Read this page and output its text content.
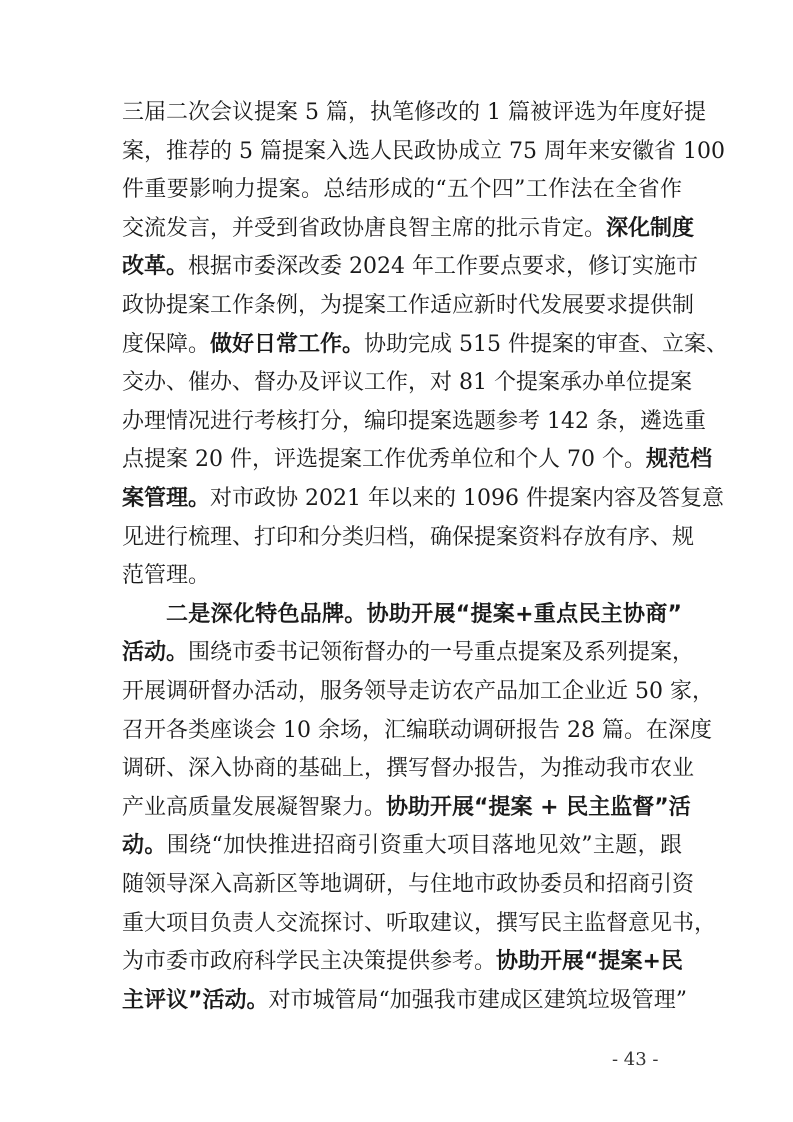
三届二次会议提案 5 篇，执笔修改的 1 篇被评选为年度好提
案，推荐的 5 篇提案入选人民政协成立 75 周年来安徽省 100
件重要影响力提案。总结形成的“五个四”工作法在全省作
交流发言，并受到省政协唐良智主席的批示肯定。深化制度
改革。根据市委深改委 2024 年工作要点要求，修订实施市
政协提案工作条例，为提案工作适应新时代发展要求提供制
度保障。做好日常工作。协助完成 515 件提案的审查、立案、
交办、催办、督办及评议工作，对 81 个提案承办单位提案
办理情况进行考核打分，编印提案选题参考 142 条，遴选重
点提案 20 件，评选提案工作优秀单位和个人 70 个。规范档
案管理。对市政协 2021 年以来的 1096 件提案内容及答复意
见进行梳理、打印和分类归档，确保提案资料存放有序、规
范管理。
二是深化特色品牌。协助开展“提案+重点民主协商”
活动。围绕市委书记领衔督办的一号重点提案及系列提案，
开展调研督办活动，服务领导走访农产品加工企业近 50 家，
召开各类座谈会 10 余场，汇编联动调研报告 28 篇。在深度
调研、深入协商的基础上，撰写督办报告，为推动我市农业
产业高质量发展凝智聚力。协助开展“提案 + 民主监督”活
动。围绕“加快推进招商引资重大项目落地见效”主题，跟
随领导深入高新区等地调研，与住地市政协委员和招商引资
重大项目负责人交流探讨、听取建议，撰写民主监督意见书，
为市委市政府科学民主决策提供参考。协助开展“提案+民
主评议”活动。对市城管局“加强我市建成区建筑垃圾管理”
- 43 -
